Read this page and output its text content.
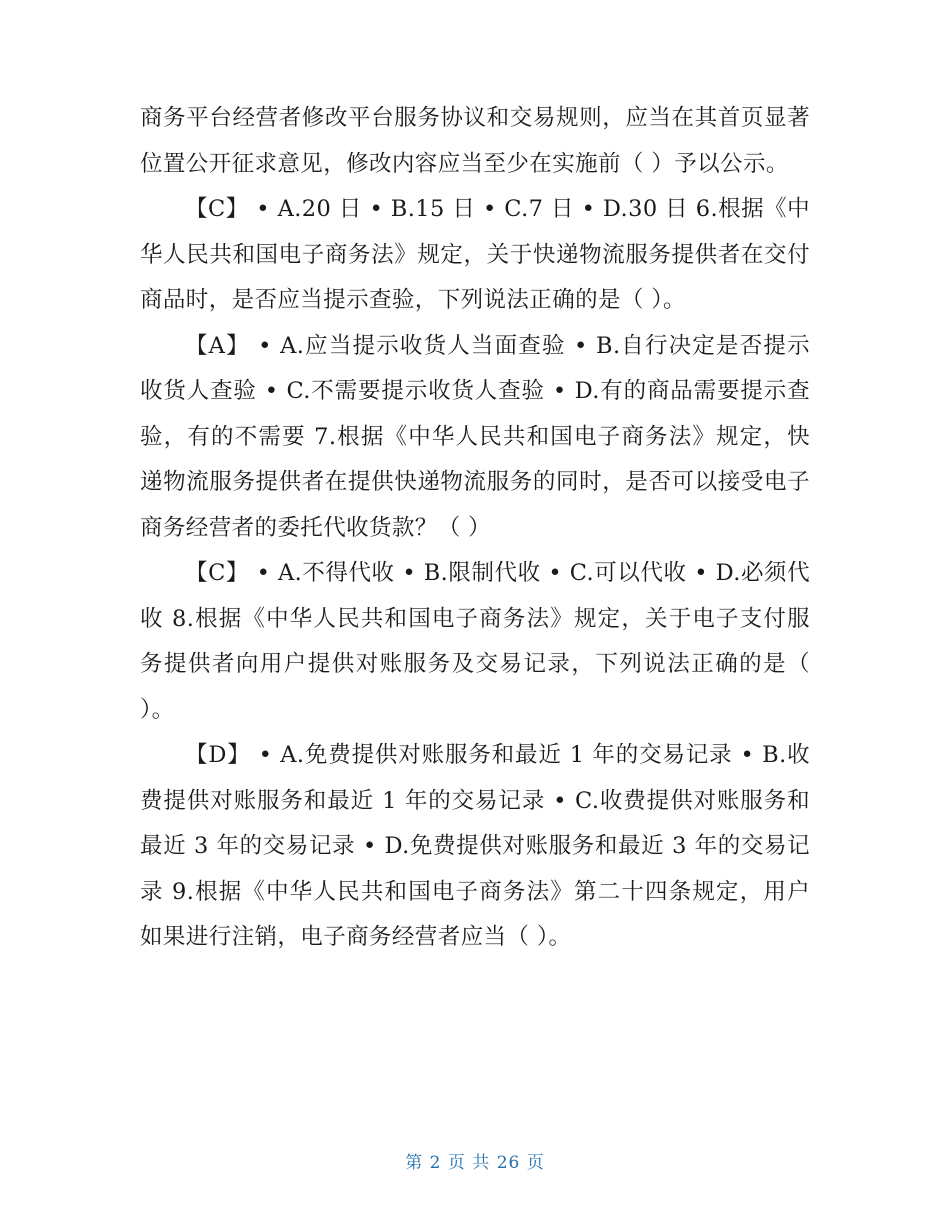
商务平台经营者修改平台服务协议和交易规则，应当在其首页显著位置公开征求意见，修改内容应当至少在实施前（ ）予以公示。

【C】 • A.20 日 • B.15 日 • C.7 日 • D.30 日 6.根据《中华人民共和国电子商务法》规定，关于快递物流服务提供者在交付商品时，是否应当提示查验，下列说法正确的是（ ）。

【A】 • A.应当提示收货人当面查验 • B.自行决定是否提示收货人查验 • C.不需要提示收货人查验 • D.有的商品需要提示查验，有的不需要 7.根据《中华人民共和国电子商务法》规定，快递物流服务提供者在提供快递物流服务的同时，是否可以接受电子商务经营者的委托代收货款？（ ）

【C】 • A.不得代收 • B.限制代收 • C.可以代收 • D.必须代收 8.根据《中华人民共和国电子商务法》规定，关于电子支付服务提供者向用户提供对账服务及交易记录，下列说法正确的是（ ）。

【D】 • A.免费提供对账服务和最近 1 年的交易记录 • B.收费提供对账服务和最近 1 年的交易记录 • C.收费提供对账服务和最近 3 年的交易记录 • D.免费提供对账服务和最近 3 年的交易记录 9.根据《中华人民共和国电子商务法》第二十四条规定，用户如果进行注销，电子商务经营者应当（ ）。

第 2 页 共 26 页
